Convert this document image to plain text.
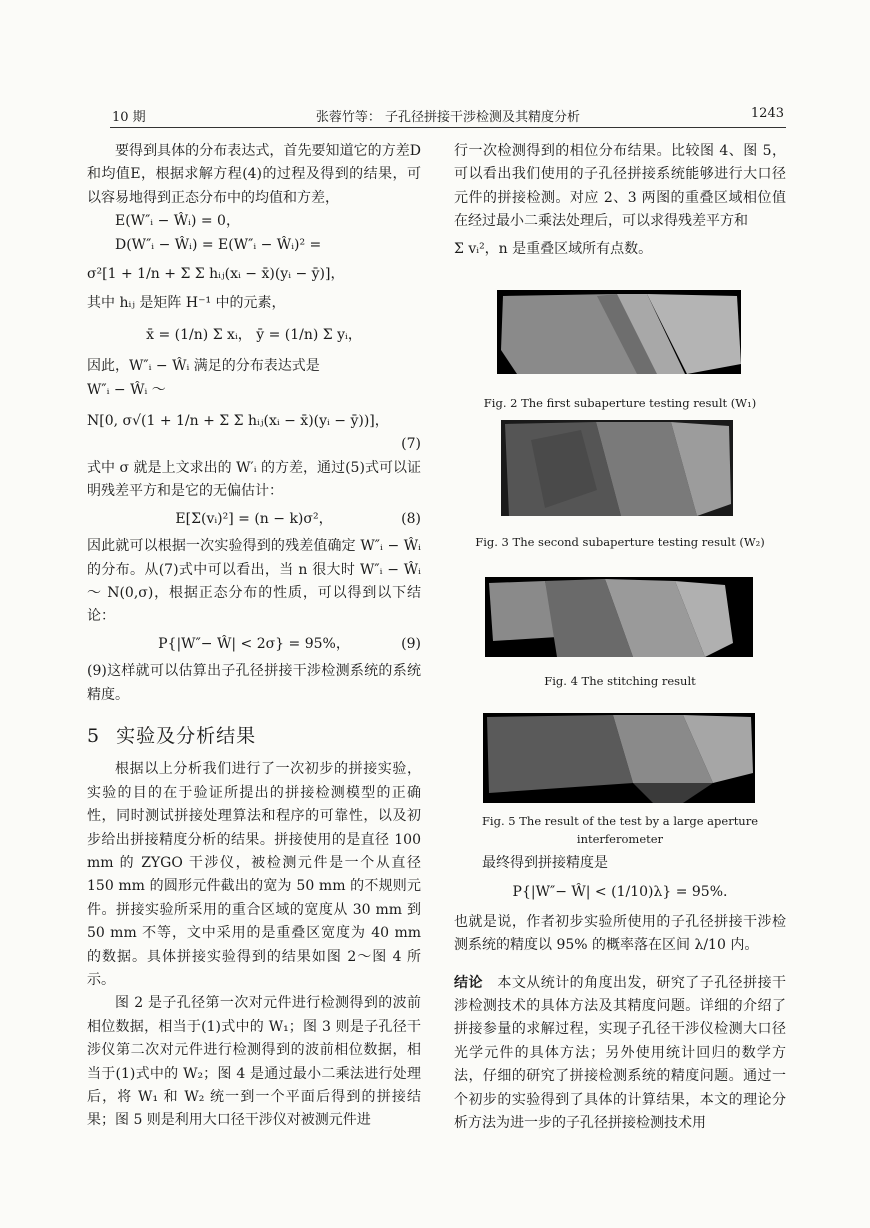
10 期	张蓉竹等： 子孔径拼接干涉检测及其精度分析	1243

要得到具体的分布表达式，首先要知道它的方差D和均值E，根据求解方程(4)的过程及得到的结果，可以容易地得到正态分布中的均值和方差，

E(W″ᵢ − Ŵᵢ) = 0，
D(W″ᵢ − Ŵᵢ) = E(W″ᵢ − Ŵᵢ)² =
σ²[1 + 1/n + Σ Σ hᵢⱼ(xᵢ − x̄)(yᵢ − ȳ)]，

其中 hᵢⱼ 是矩阵 H⁻¹ 中的元素，

x̄ = (1/n) Σ xᵢ， ȳ = (1/n) Σ yᵢ，

因此，W″ᵢ − Ŵᵢ 满足的分布表达式是

W″ᵢ − Ŵᵢ ～
N[0, σ√(1 + 1/n + Σ Σ hᵢⱼ(xᵢ − x̄)(yᵢ − ȳ))]，
(7)

式中 σ 就是上文求出的 W′ᵢ 的方差，通过(5)式可以证明残差平方和是它的无偏估计：

E[Σ(vᵢ)²] = (n − k)σ²，	(8)

因此就可以根据一次实验得到的残差值确定 W″ᵢ − Ŵᵢ 的分布。从(7)式中可以看出，当 n 很大时 W″ᵢ − Ŵᵢ ～ N(0,σ)，根据正态分布的性质，可以得到以下结论：

P{|W″− Ŵ| < 2σ} = 95%，	(9)

(9)这样就可以估算出子孔径拼接干涉检测系统的系统精度。

5 实验及分析结果

根据以上分析我们进行了一次初步的拼接实验，实验的目的在于验证所提出的拼接检测模型的正确性，同时测试拼接处理算法和程序的可靠性，以及初步给出拼接精度分析的结果。拼接使用的是直径 100 mm 的 ZYGO 干涉仪，被检测元件是一个从直径 150 mm 的圆形元件截出的宽为 50 mm 的不规则元件。拼接实验所采用的重合区域的宽度从 30 mm 到 50 mm 不等，文中采用的是重叠区宽度为 40 mm 的数据。具体拼接实验得到的结果如图 2～图 4 所示。

图 2 是子孔径第一次对元件进行检测得到的波前相位数据，相当于(1)式中的 W₁；图 3 则是子孔径干涉仪第二次对元件进行检测得到的波前相位数据，相当于(1)式中的 W₂；图 4 是通过最小二乘法进行处理后，将 W₁ 和 W₂ 统一到一个平面后得到的拼接结果；图 5 则是利用大口径干涉仪对被测元件进

行一次检测得到的相位分布结果。比较图 4、图 5，可以看出我们使用的子孔径拼接系统能够进行大口径元件的拼接检测。对应 2、3 两图的重叠区域相位值在经过最小二乘法处理后，可以求得残差平方和

Σ vᵢ²，n 是重叠区域所有点数。

Fig. 2 The first subaperture testing result (W₁)
Fig. 3 The second subaperture testing result (W₂)
Fig. 4 The stitching result
Fig. 5 The result of the test by a large aperture
interferometer

最终得到拼接精度是

P{|W″− Ŵ| < (1/10)λ} = 95%.

也就是说，作者初步实验所使用的子孔径拼接干涉检测系统的精度以 95% 的概率落在区间 λ/10 内。

结论　 本文从统计的角度出发，研究了子孔径拼接干涉检测技术的具体方法及其精度问题。详细的介绍了拼接参量的求解过程，实现子孔径干涉仪检测大口径光学元件的具体方法；另外使用统计回归的数学方法，仔细的研究了拼接检测系统的精度问题。通过一个初步的实验得到了具体的计算结果，本文的理论分析方法为进一步的子孔径拼接检测技术用
